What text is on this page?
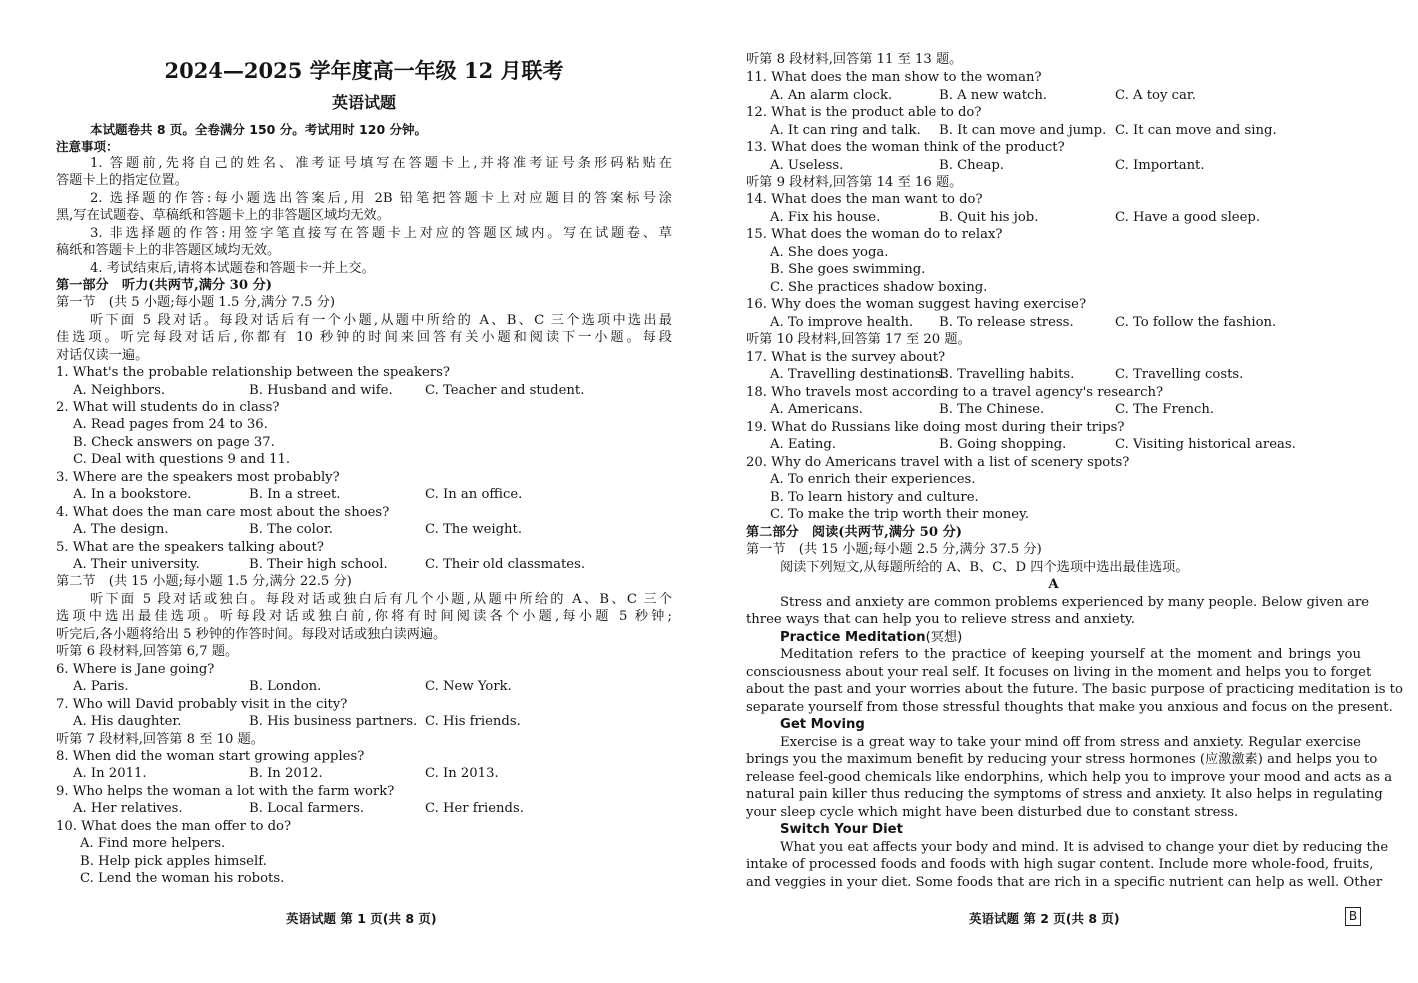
2024—2025 学年度高一年级 12 月联考
英语试题
本试题卷共 8 页。全卷满分 150 分。考试用时 120 分钟。
注意事项：
1. 答题前,先将自己的姓名、准考证号填写在答题卡上,并将准考证号条形码粘贴在
答题卡上的指定位置。
2. 选择题的作答:每小题选出答案后,用 2B 铅笔把答题卡上对应题目的答案标号涂
黑,写在试题卷、草稿纸和答题卡上的非答题区域均无效。
3. 非选择题的作答:用签字笔直接写在答题卡上对应的答题区域内。写在试题卷、草
稿纸和答题卡上的非答题区域均无效。
4. 考试结束后,请将本试题卷和答题卡一并上交。
第一部分　听力(共两节,满分 30 分)
第一节　(共 5 小题;每小题 1.5 分,满分 7.5 分)
听下面 5 段对话。每段对话后有一个小题,从题中所给的 A、B、C 三个选项中选出最
佳选项。听完每段对话后,你都有 10 秒钟的时间来回答有关小题和阅读下一小题。每段
对话仅读一遍。
1. What's the probable relationship between the speakers?
A. Neighbors.	B. Husband and wife. C. Teacher and student.
2. What will students do in class?
A. Read pages from 24 to 36.
B. Check answers on page 37.
C. Deal with questions 9 and 11.
3. Where are the speakers most probably?
A. In a bookstore.	B. In a street.	C. In an office.
4. What does the man care most about the shoes?
A. The design.	B. The color.	C. The weight.
5. What are the speakers talking about?
A. Their university.	B. Their high school.	C. Their old classmates.
第二节　(共 15 小题;每小题 1.5 分,满分 22.5 分)
听下面 5 段对话或独白。每段对话或独白后有几个小题,从题中所给的 A、B、C 三个
选项中选出最佳选项。听每段对话或独白前,你将有时间阅读各个小题,每小题 5 秒钟;
听完后,各小题将给出 5 秒钟的作答时间。每段对话或独白读两遍。
听第 6 段材料,回答第 6,7 题。
6. Where is Jane going?
A. Paris.	B. London.	C. New York.
7. Who will David probably visit in the city?
A. His daughter.	B. His business partners. C. His friends.
听第 7 段材料,回答第 8 至 10 题。
8. When did the woman start growing apples?
A. In 2011.	B. In 2012.	C. In 2013.
9. Who helps the woman a lot with the farm work?
A. Her relatives.	B. Local farmers.	C. Her friends.
10. What does the man offer to do?
A. Find more helpers.
B. Help pick apples himself.
C. Lend the woman his robots.
英语试题 第 1 页(共 8 页)
听第 8 段材料,回答第 11 至 13 题。
11. What does the man show to the woman?
A. An alarm clock.	B. A new watch.	C. A toy car.
12. What is the product able to do?
A. It can ring and talk. B. It can move and jump. C. It can move and sing.
13. What does the woman think of the product?
A. Useless.	B. Cheap.	C. Important.
听第 9 段材料,回答第 14 至 16 题。
14. What does the man want to do?
A. Fix his house.	B. Quit his job.	C. Have a good sleep.
15. What does the woman do to relax?
A. She does yoga.
B. She goes swimming.
C. She practices shadow boxing.
16. Why does the woman suggest having exercise?
A. To improve health. B. To release stress.	C. To follow the fashion.
听第 10 段材料,回答第 17 至 20 题。
17. What is the survey about?
A. Travelling destinations.
B. Travelling habits.	C. Travelling costs.
18. Who travels most according to a travel agency's research?
A. Americans.	B. The Chinese.	C. The French.
19. What do Russians like doing most during their trips?
A. Eating.	B. Going shopping.	C. Visiting historical areas.
20. Why do Americans travel with a list of scenery spots?
A. To enrich their experiences.
B. To learn history and culture.
C. To make the trip worth their money.
第二部分　阅读(共两节,满分 50 分)
第一节　(共 15 小题;每小题 2.5 分,满分 37.5 分)
阅读下列短文,从每题所给的 A、B、C、D 四个选项中选出最佳选项。
A
Stress and anxiety are common problems experienced by many people. Below given are
three ways that can help you to relieve stress and anxiety.
Practice Meditation(冥想)
Meditation refers to the practice of keeping yourself at the moment and brings you
consciousness about your real self. It focuses on living in the moment and helps you to forget
about the past and your worries about the future. The basic purpose of practicing meditation is to
separate yourself from those stressful thoughts that make you anxious and focus on the present.
Get Moving
Exercise is a great way to take your mind off from stress and anxiety. Regular exercise
brings you the maximum benefit by reducing your stress hormones (应激激素) and helps you to
release feel-good chemicals like endorphins, which help you to improve your mood and acts as a
natural pain killer thus reducing the symptoms of stress and anxiety. It also helps in regulating
your sleep cycle which might have been disturbed due to constant stress.
Switch Your Diet
What you eat affects your body and mind. It is advised to change your diet by reducing the
intake of processed foods and foods with high sugar content. Include more whole-food, fruits,
and veggies in your diet. Some foods that are rich in a specific nutrient can help as well. Other
英语试题 第 2 页(共 8 页)	B
